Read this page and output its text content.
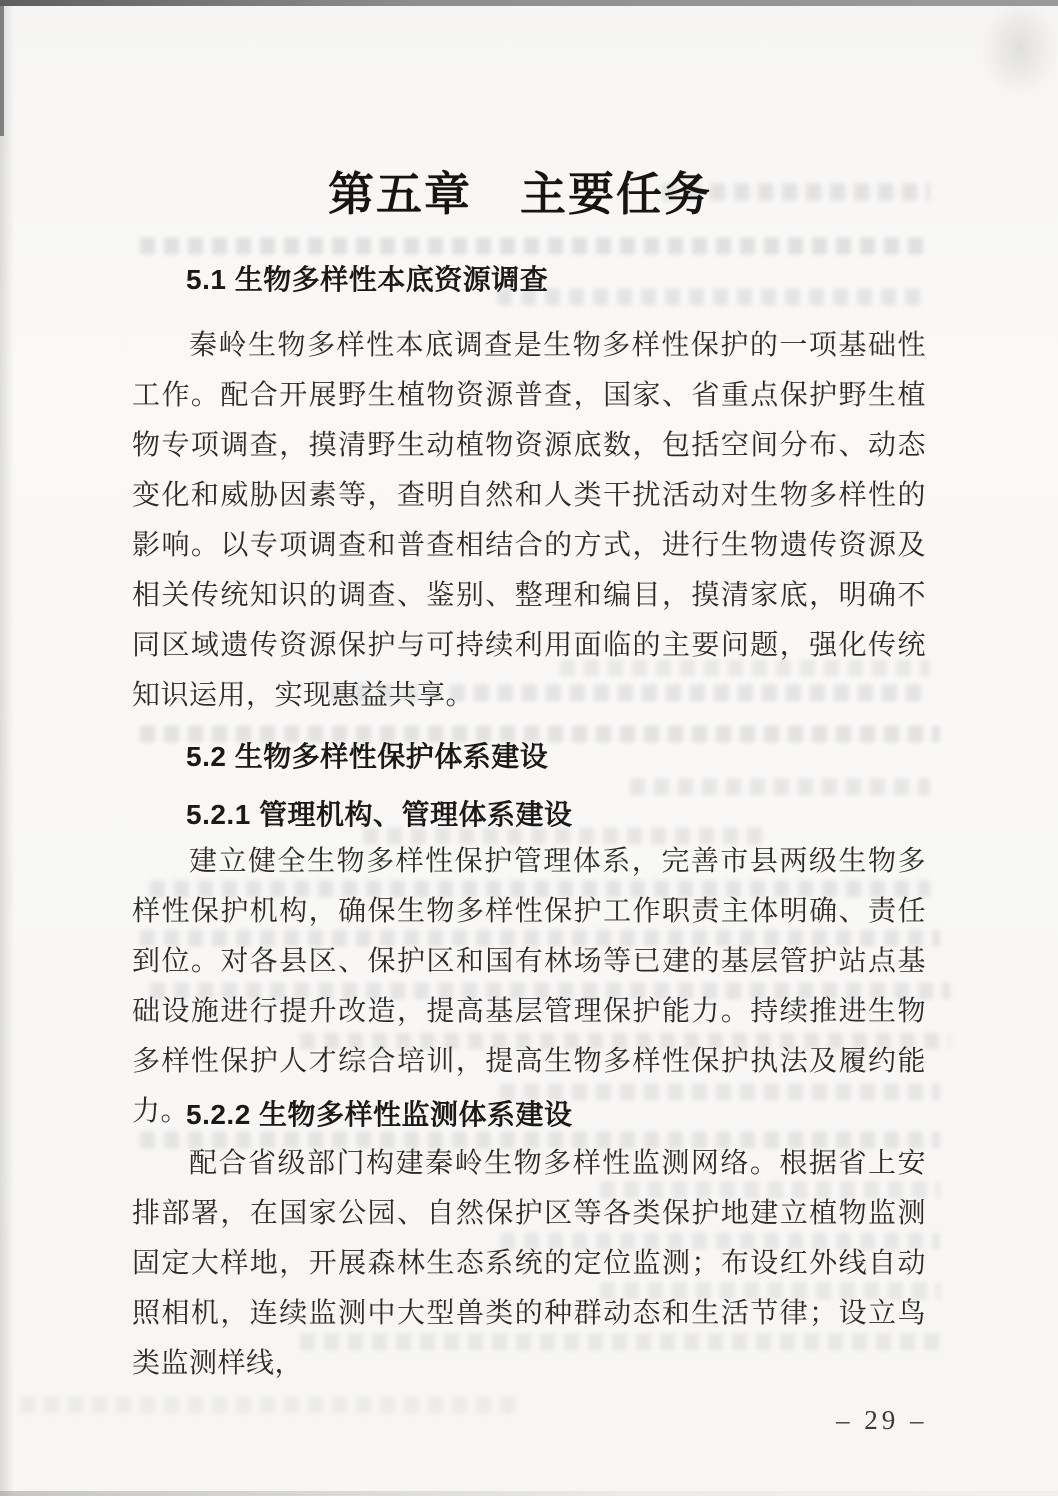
第五章　主要任务
5.1 生物多样性本底资源调查

秦岭生物多样性本底调查是生物多样性保护的一项基础性工作。配合开展野生植物资源普查，国家、省重点保护野生植物专项调查，摸清野生动植物资源底数，包括空间分布、动态变化和威胁因素等，查明自然和人类干扰活动对生物多样性的影响。以专项调查和普查相结合的方式，进行生物遗传资源及相关传统知识的调查、鉴别、整理和编目，摸清家底，明确不同区域遗传资源保护与可持续利用面临的主要问题，强化传统知识运用，实现惠益共享。

5.2 生物多样性保护体系建设
5.2.1 管理机构、管理体系建设

建立健全生物多样性保护管理体系，完善市县两级生物多样性保护机构，确保生物多样性保护工作职责主体明确、责任到位。对各县区、保护区和国有林场等已建的基层管护站点基础设施进行提升改造，提高基层管理保护能力。持续推进生物多样性保护人才综合培训，提高生物多样性保护执法及履约能力。

5.2.2 生物多样性监测体系建设

配合省级部门构建秦岭生物多样性监测网络。根据省上安排部署，在国家公园、自然保护区等各类保护地建立植物监测固定大样地，开展森林生态系统的定位监测；布设红外线自动照相机，连续监测中大型兽类的种群动态和生活节律；设立鸟类监测样线，

– 29 –
